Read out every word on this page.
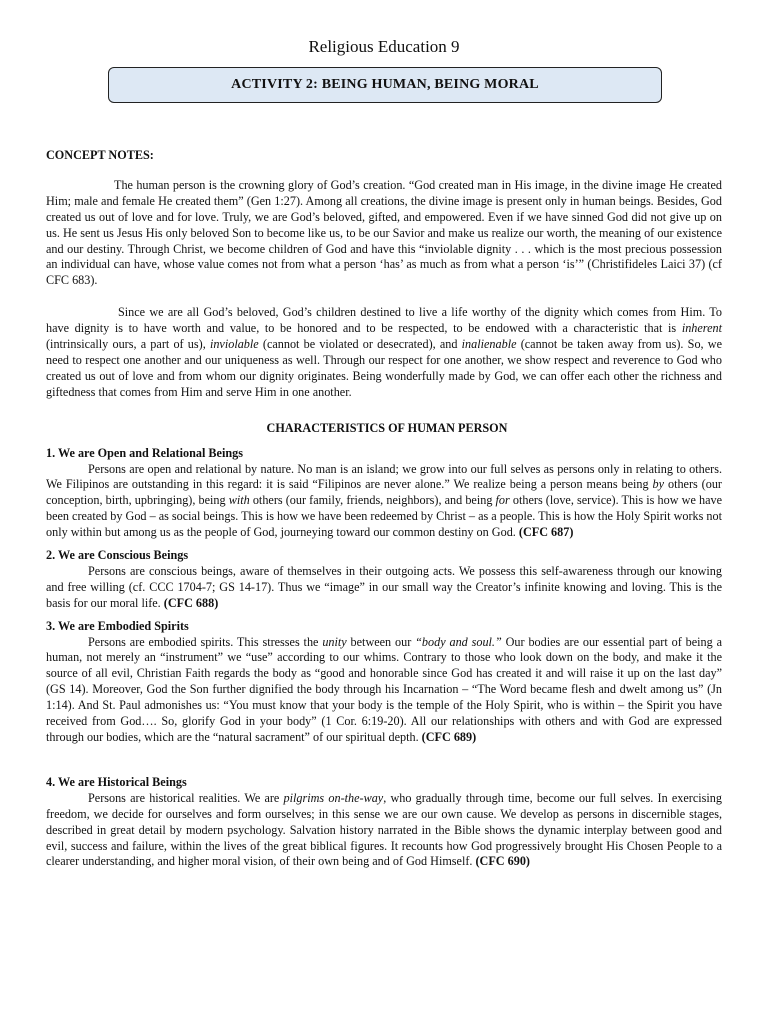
Religious Education 9
ACTIVITY 2: BEING HUMAN, BEING MORAL
CONCEPT NOTES:

The human person is the crowning glory of God’s creation. “God created man in His image, in the divine image He created Him; male and female He created them” (Gen 1:27). Among all creations, the divine image is present only in human beings. Besides, God created us out of love and for love. Truly, we are God’s beloved, gifted, and empowered. Even if we have sinned God did not give up on us. He sent us Jesus His only beloved Son to become like us, to be our Savior and make us realize our worth, the meaning of our existence and our destiny. Through Christ, we become children of God and have this “inviolable dignity . . . which is the most precious possession an individual can have, whose value comes not from what a person ‘has’ as much as from what a person ‘is’” (Christifideles Laici 37) (cf CFC 683).

Since we are all God’s beloved, God’s children destined to live a life worthy of the dignity which comes from Him. To have dignity is to have worth and value, to be honored and to be respected, to be endowed with a characteristic that is inherent (intrinsically ours, a part of us), inviolable (cannot be violated or desecrated), and inalienable (cannot be taken away from us). So, we need to respect one another and our uniqueness as well. Through our respect for one another, we show respect and reverence to God who created us out of love and from whom our dignity originates. Being wonderfully made by God, we can offer each other the richness and giftedness that comes from Him and serve Him in one another.

CHARACTERISTICS OF HUMAN PERSON
1. We are Open and Relational Beings

Persons are open and relational by nature. No man is an island; we grow into our full selves as persons only in relating to others. We Filipinos are outstanding in this regard: it is said “Filipinos are never alone.” We realize being a person means being by others (our conception, birth, upbringing), being with others (our family, friends, neighbors), and being for others (love, service). This is how we have been created by God – as social beings. This is how we have been redeemed by Christ – as a people. This is how the Holy Spirit works not only within but among us as the people of God, journeying toward our common destiny on God. (CFC 687)

2. We are Conscious Beings

Persons are conscious beings, aware of themselves in their outgoing acts. We possess this self-awareness through our knowing and free willing (cf. CCC 1704-7; GS 14-17). Thus we “image” in our small way the Creator’s infinite knowing and loving. This is the basis for our moral life. (CFC 688)

3. We are Embodied Spirits

Persons are embodied spirits. This stresses the unity between our “body and soul.” Our bodies are our essential part of being a human, not merely an “instrument” we “use” according to our whims. Contrary to those who look down on the body, and make it the source of all evil, Christian Faith regards the body as “good and honorable since God has created it and will raise it up on the last day” (GS 14). Moreover, God the Son further dignified the body through his Incarnation – “The Word became flesh and dwelt among us” (Jn 1:14). And St. Paul admonishes us: “You must know that your body is the temple of the Holy Spirit, who is within – the Spirit you have received from God…. So, glorify God in your body” (1 Cor. 6:19-20). All our relationships with others and with God are expressed through our bodies, which are the “natural sacrament” of our spiritual depth. (CFC 689)

4. We are Historical Beings

Persons are historical realities. We are pilgrims on-the-way, who gradually through time, become our full selves. In exercising freedom, we decide for ourselves and form ourselves; in this sense we are our own cause. We develop as persons in discernible stages, described in great detail by modern psychology. Salvation history narrated in the Bible shows the dynamic interplay between good and evil, success and failure, within the lives of the great biblical figures. It recounts how God progressively brought His Chosen People to a clearer understanding, and higher moral vision, of their own being and of God Himself. (CFC 690)
